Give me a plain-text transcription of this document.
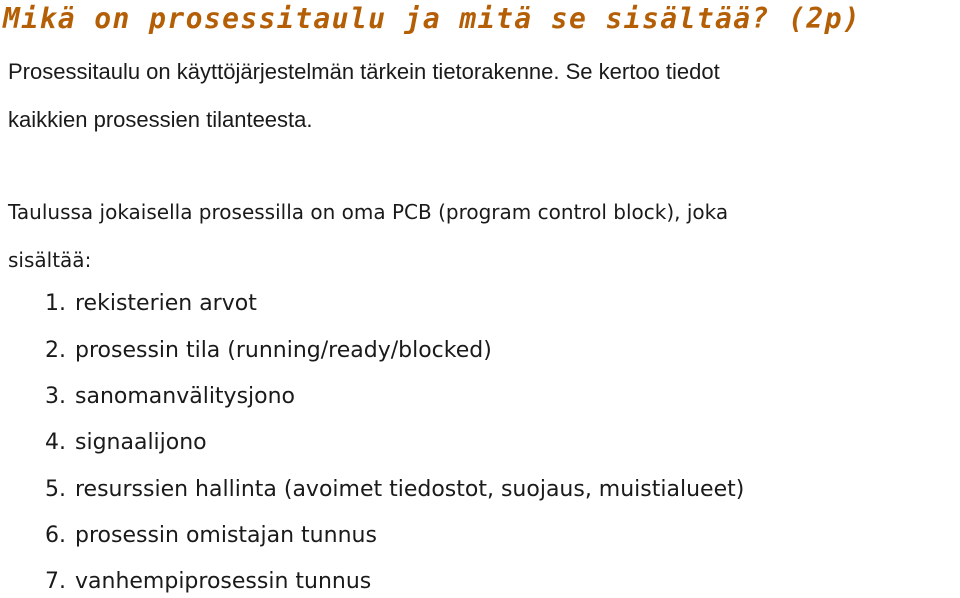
Mikä on prosessitaulu ja mitä se sisältää? (2p)
Prosessitaulu on käyttöjärjestelmän tärkein tietorakenne. Se kertoo tiedot
kaikkien prosessien tilanteesta.
Taulussa jokaisella prosessilla on oma PCB (program control block), joka
sisältää:
1. rekisterien arvot
2. prosessin tila (running/ready/blocked)
3. sanomanvälitysjono
4. signaalijono
5. resurssien hallinta (avoimet tiedostot, suojaus, muistialueet)
6. prosessin omistajan tunnus
7. vanhempiprosessin tunnus
